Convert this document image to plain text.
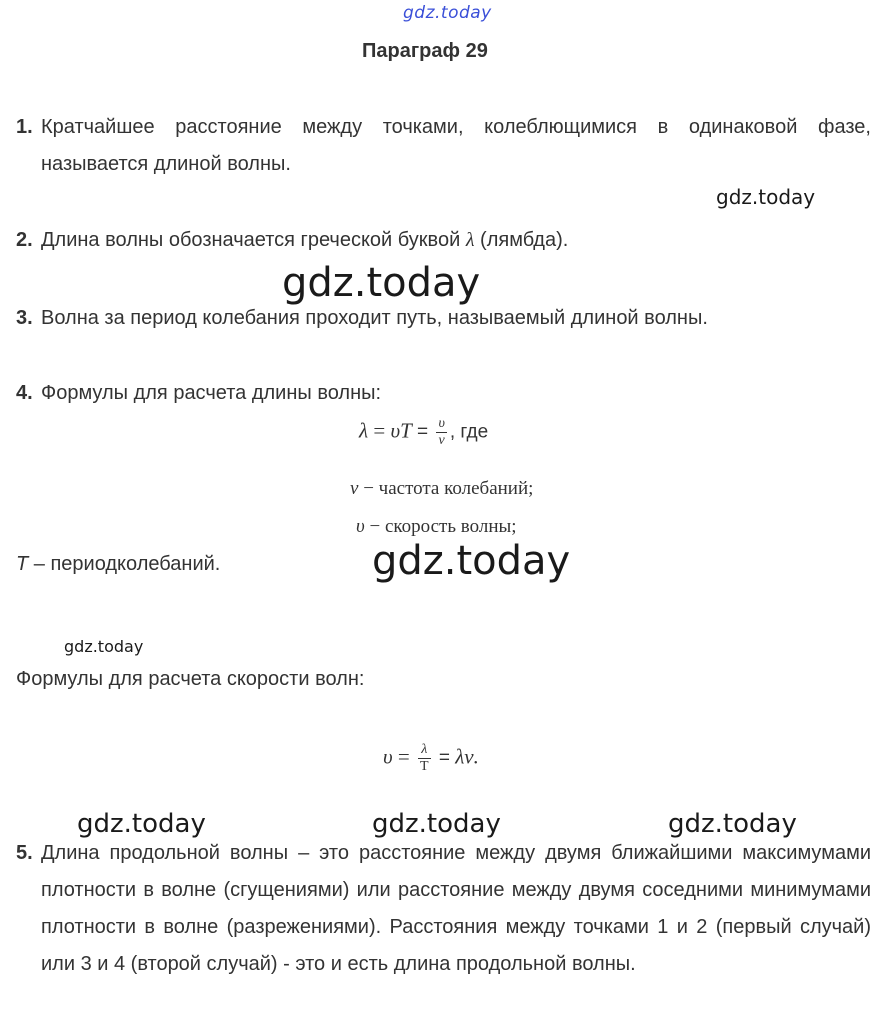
gdz.today
Параграф 29
1. Кратчайшее расстояние между точками, колеблющимися в одинаковой фазе, называется длиной волны.
gdz.today
2. Длина волны обозначается греческой буквой λ (лямбда).
gdz.today
3. Волна за период колебания проходит путь, называемый длиной волны.
4. Формулы для расчета длины волны:
$\lambda = \upsilon T = \frac{\upsilon}{\nu}$ , где
ν − частота колебаний;
υ − скорость волны;
T – периодколебаний.	gdz.today
gdz.today
Формулы для расчета скорости волн:
$\upsilon = \frac{\lambda}{T} = \lambda\nu$.
gdz.today	gdz.today	gdz.today
5. Длина продольной волны – это расстояние между двумя ближайшими максимумами плотности в волне (сгущениями) или расстояние между двумя соседними минимумами плотности в волне (разрежениями). Расстояния между точками 1 и 2 (первый случай) или 3 и 4 (второй случай) - это и есть длина продольной волны.
